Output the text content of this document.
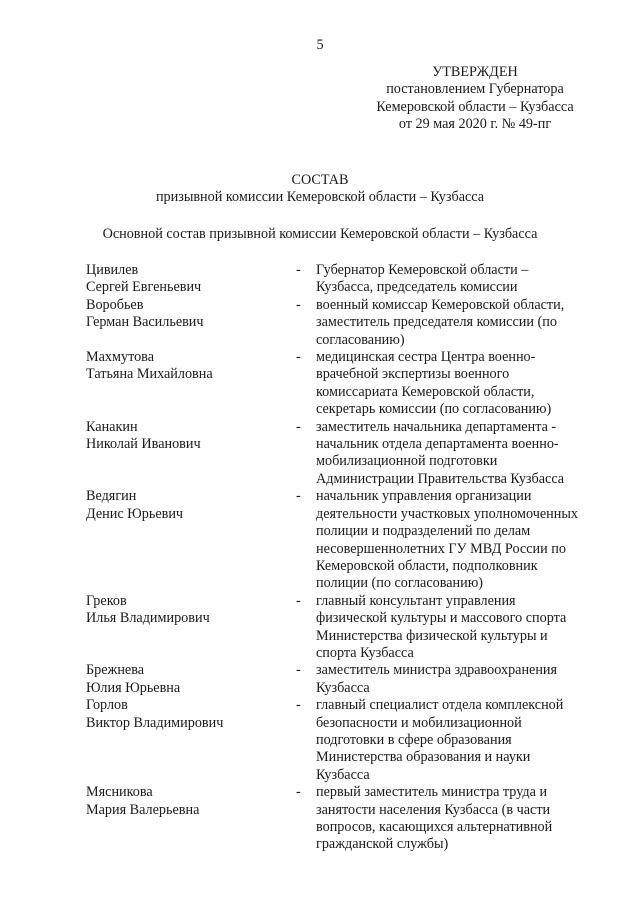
5
УТВЕРЖДЕН
постановлением Губернатора
Кемеровской области – Кузбасса
от 29 мая 2020 г. № 49-пг
СОСТАВ
призывной комиссии Кемеровской области – Кузбасса
Основной состав призывной комиссии Кемеровской области – Кузбасса
Цивилев
Сергей Евгеньевич
-	Губернатор Кемеровской области –
Кузбасса, председатель комиссии
Воробьев
Герман Васильевич
-	военный комиссар Кемеровской области,
заместитель председателя комиссии (по
согласованию)
Махмутова
Татьяна Михайловна
-	медицинская сестра Центра военно-
врачебной экспертизы военного
комиссариата Кемеровской области,
секретарь комиссии (по согласованию)
Канакин
Николай Иванович
-	заместитель начальника департамента -
начальник отдела департамента военно-
мобилизационной подготовки
Администрации Правительства Кузбасса
Ведягин
Денис Юрьевич
-	начальник управления организации
деятельности участковых уполномоченных
полиции и подразделений по делам
несовершеннолетних ГУ МВД России по
Кемеровской области, подполковник
полиции (по согласованию)
Греков
Илья Владимирович
-	главный консультант управления
физической культуры и массового спорта
Министерства физической культуры и
спорта Кузбасса
Брежнева
Юлия Юрьевна
-	заместитель министра здравоохранения
Кузбасса
Горлов
Виктор Владимирович
-	главный специалист отдела комплексной
безопасности и мобилизационной
подготовки в сфере образования
Министерства образования и науки
Кузбасса
Мясникова
Мария Валерьевна
-	первый заместитель министра труда и
занятости населения Кузбасса (в части
вопросов, касающихся альтернативной
гражданской службы)
